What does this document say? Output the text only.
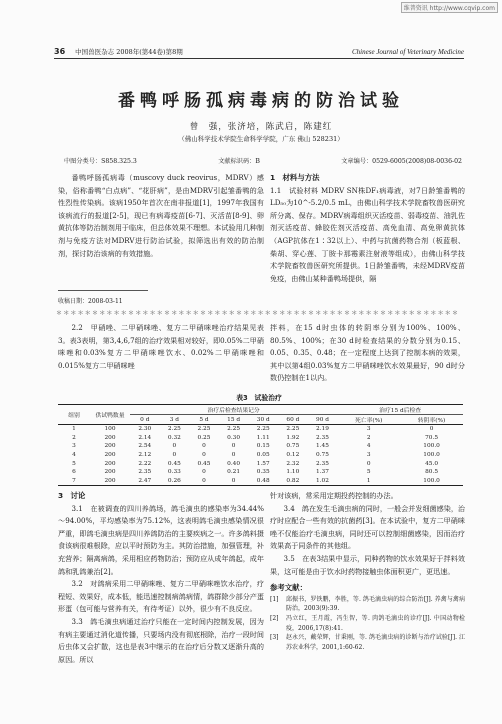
维普资讯 http://www.cqvip.com
36 中国兽医杂志 2008年(第44卷)第8期	Chinese Journal of Veterinary Medicine
番鸭呼肠孤病毒病的防治试验
曾　强，张济培，陈武启，陈建红
（佛山科学技术学院生命科学学院，广东 佛山 528231）
中图分类号：S858.325.3	文献标识码：B	文章编号：0529-6005(2008)08-0036-02

番鸭呼肠孤病毒（muscovy duck reovirus，MDRV）感染，俗称番鸭“白点病”、“花肝病”，是由MDRV引起雏番鸭的急性烈性传染病。该病1950年首次在南非报道[1]，1997年我国有该病流行的报道[2-5]，现已有病毒疫苗[6-7]、灭活苗[8-9]、卵黄抗体等防治制剂用于临床，但总体效果不理想。本试验用几种制剂与免疫方法对MDRV进行防治试验，拟筛选出有效的防治制剂，探讨防治该病的有效措施。

1　材料与方法

1.1　试验材料 MDRV SN株DF₁病毒液，对7日龄雏番鸭的LD₅₀为10^-5.2/0.5 mL，由佛山科学技术学院畜牧兽医研究所分离、保存。MDRV病毒组织灭活疫苗、弱毒疫苗、油乳佐剂灭活疫苗、蜂胶佐剂灭活疫苗、高免血清、高免卵黄抗体（AGP抗体在1∶32以上）、中药与抗菌药物合剂（板蓝根、柴胡、穿心莲、丁胺卡那霉素注射液等组成），由佛山科学技术学院畜牧兽医研究所提供。1日龄雏番鸭，未经MDRV疫苗免疫，由佛山某种番鸭场提供，隔

收稿日期：2008-03-11
＊＊＊＊＊＊＊＊＊＊＊＊＊＊＊＊＊＊＊＊＊＊＊＊＊＊＊＊＊＊＊＊＊＊＊＊＊＊＊＊＊＊＊＊＊＊＊＊＊＊＊＊＊＊＊＊

2.2　甲硝唑、二甲硝咪唑、复方二甲硝咪唑治疗结果见表3。表3表明，第3,4,6,7组的治疗效果相对较好，即0.05%二甲硝咪唑和0.03%复方二甲硝咪唑饮水、0.02%二甲硝咪唑和0.015%复方二甲硝咪唑

拌料，在15 d时虫体的转阴率分别为100%、100%、80.5%、100%；在30 d时检查结果的分数分别为0.15、0.05、0.35、0.48；在一定程度上达到了控制本病的效果，其中以第4组0.03%复方二甲硝咪唑饮水效果最好，90 d时分数仍控制在1以内。

表3　试验治疗
组别	供试鸭数量	治疗后检查结果记分							治疗15 d后检查	
		0 d	3 d	5 d	15 d	30 d	60 d	90 d	死亡率(%)	转阴率(%)
1	100	2.30	2.25	2.25	2.25	2.25	2.25	2.19	3	0
2	200	2.14	0.32	0.25	0.30	1.11	1.92	2.35	2	70.5
3	200	2.54	0	0	0	0.15	0.75	1.45	4	100.0
4	200	2.12	0	0	0	0.05	0.12	0.75	3	100.0
5	200	2.22	0.45	0.45	0.40	1.57	2.32	2.35	0	45.0
6	200	2.35	0.33	0	0.21	0.35	1.10	1.37	5	80.5
7	200	2.47	0.26	0	0	0.48	0.82	1.02	1	100.0

3　讨论

3.1　在被调查的四川养鸽场，鸽毛滴虫的感染率为34.44%～94.00%，平均感染率为75.12%，这表明鸽毛滴虫感染情况很严重，即鸽毛滴虫病是四川养鸽防治的主要疾病之一。许多鸽料摄食该病很难根除，应以平时预防为主。其防治措施，加强管理，补充营养；隔离病鸽，采用相应药物防治；预防应从成年鸽起，成年鸽和乳鸽兼治[2]。

3.2　对鸽病采用二甲硝咪唑、复方二甲硝咪唑饮水治疗，疗程短、效果好，成本低，能迅速控制病鸽病情，鸽群除少部分产蛋形蛋（包可能与营养有关，有待考证）以外，很少有不良反应。

3.3　鸽毛滴虫病通过治疗只能在一定时间内控制发展，因为有病主要通过消化道传播，只要场内没有彻底根除，治疗一段时间后虫体又会扩散，这也是表3中继示的在治疗后分数又逐渐升高的原因。所以

针对该病，常采用定期投药控制的办法。

3.4　鸽在发生毛滴虫病的同时，一般会并发细菌感染，治疗时应配合一些有效的抗菌药[3]。在本试验中，复方二甲硝咪唑不仅能治疗毛滴虫病，同时还可以控制细菌感染，因而治疗效果高于同条件的其他组。

3.5　在表3结果中显示，同种药物的饮水效果好于拌料效果，这可能是由于饮水时药物接触虫体面积更广，更迅速。

参考文献：

[1]	邱振书，罗铁鹏，李胜，等. 鸽毛滴虫病的综合防治[J]. 养禽与禽病防治，2003(9):39.
[2]	冯立红，王月霞，冯生智，等. 肉鸽毛滴虫的诊疗[J]. 中国动物检疫，2006,17(8):41.
[3]	赵永兴，戴荣辉，甘秉刚，等. 鸽毛滴虫病的诊断与治疗试验[J]. 江苏农业科学，2001,1:60-62.
